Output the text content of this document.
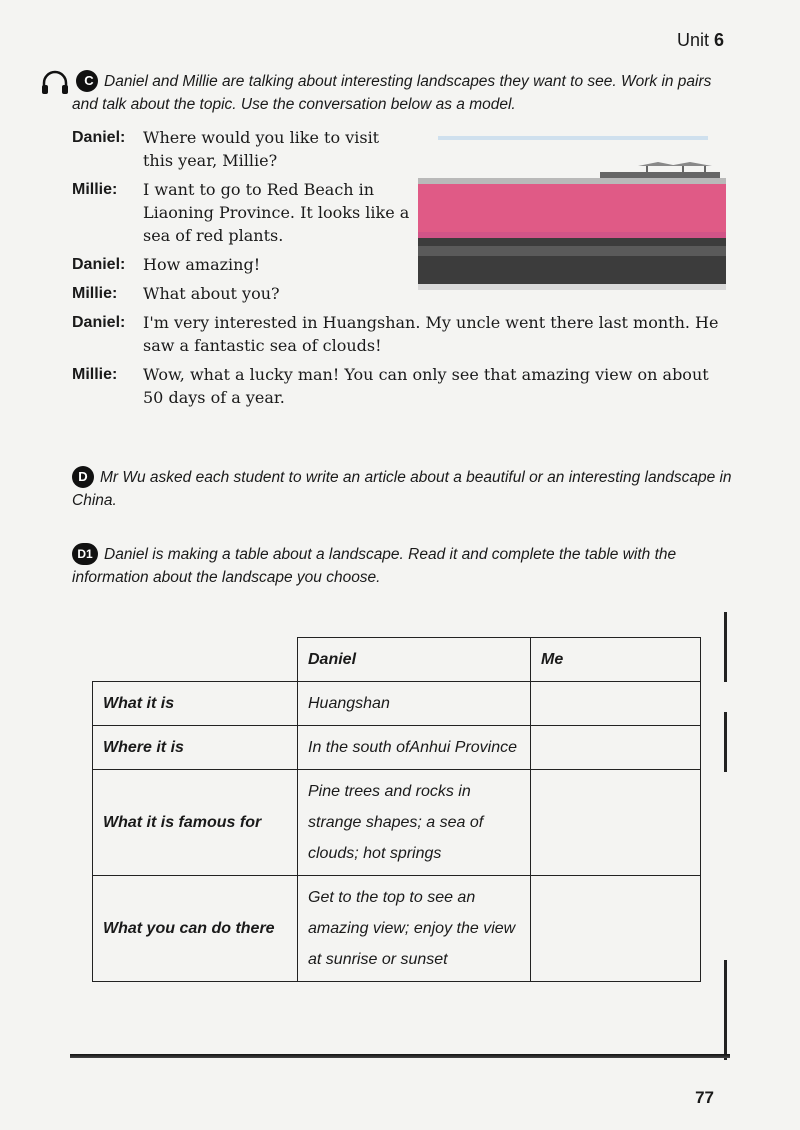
Unit 6
C Daniel and Millie are talking about interesting landscapes they want to see. Work in pairs and talk about the topic. Use the conversation below as a model.
Daniel:	Where would you like to visit this year, Millie?
Millie:	I want to go to Red Beach in Liaoning Province. It looks like a sea of red plants.
Daniel:	How amazing!
Millie:	What about you?
Daniel:	I'm very interested in Huangshan. My uncle went there last month. He saw a fantastic sea of clouds!
Millie:	Wow, what a lucky man! You can only see that amazing view on about 50 days of a year.
D Mr Wu asked each student to write an article about a beautiful or an interesting landscape in China.
D1 Daniel is making a table about a landscape. Read it and complete the table with the information about the landscape you choose.
	Daniel	Me
What it is	Huangshan	
Where it is	In the south ofAnhui Province	
What it is famous for	Pine trees and rocks in strange shapes; a sea of clouds; hot springs	
What you can do there	Get to the top to see an amazing view; enjoy the view at sunrise or sunset	
77
